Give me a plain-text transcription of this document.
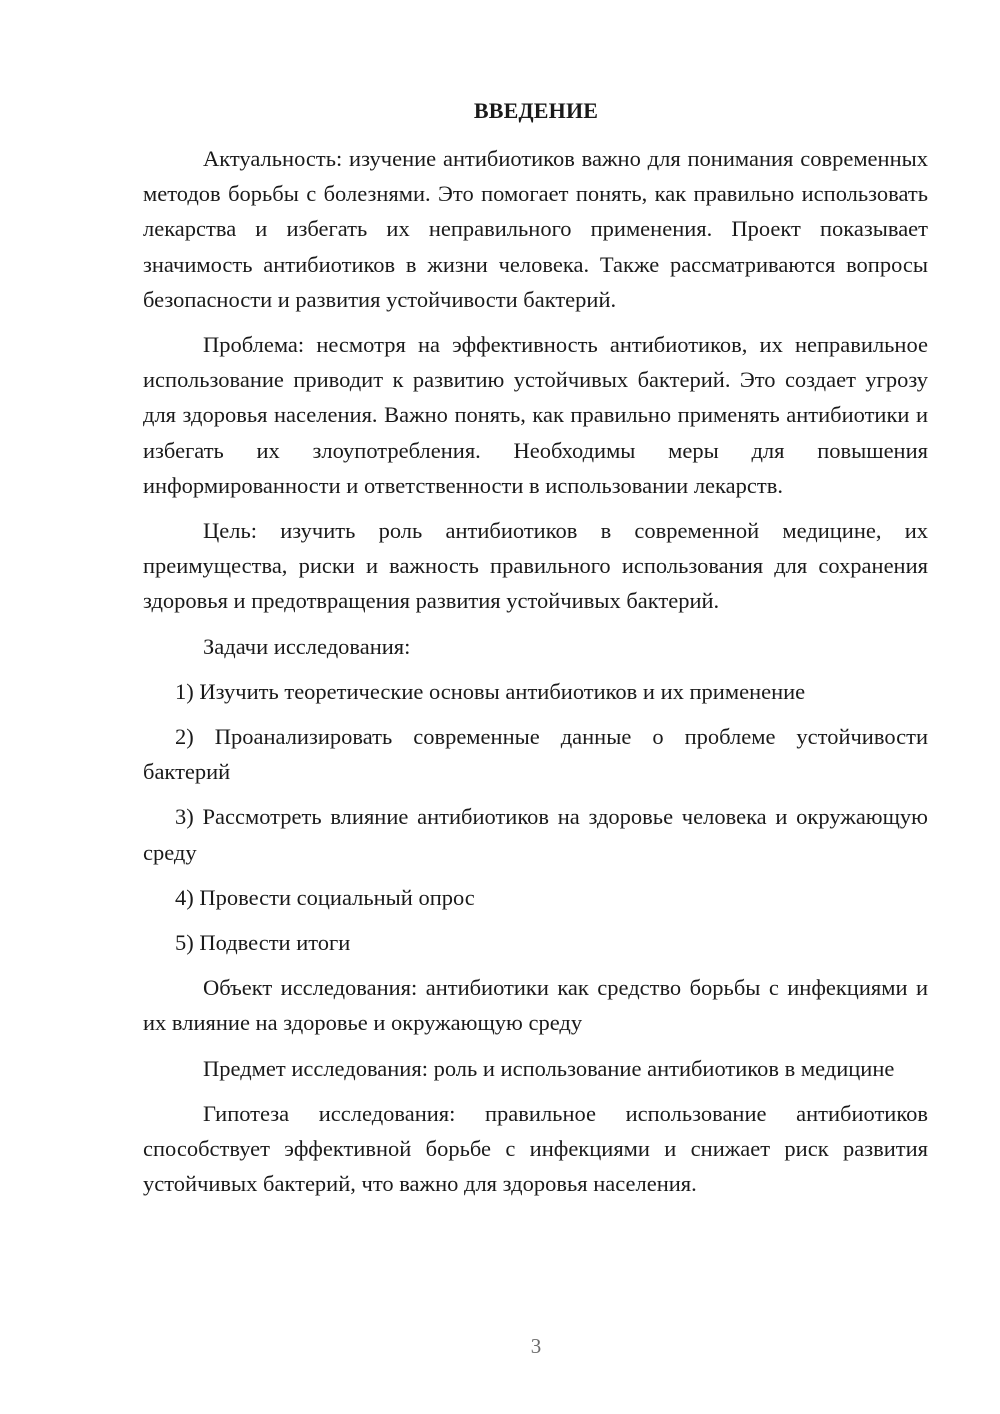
ВВЕДЕНИЕ

Актуальность: изучение антибиотиков важно для понимания современных методов борьбы с болезнями. Это помогает понять, как правильно использовать лекарства и избегать их неправильного применения. Проект показывает значимость антибиотиков в жизни человека. Также рассматриваются вопросы безопасности и развития устойчивости бактерий.

Проблема: несмотря на эффективность антибиотиков, их неправильное использование приводит к развитию устойчивых бактерий. Это создает угрозу для здоровья населения. Важно понять, как правильно применять антибиотики и избегать их злоупотребления. Необходимы меры для повышения информированности и ответственности в использовании лекарств.

Цель: изучить роль антибиотиков в современной медицине, их преимущества, риски и важность правильного использования для сохранения здоровья и предотвращения развития устойчивых бактерий.

Задачи исследования:

1) Изучить теоретические основы антибиотиков и их применение

2) Проанализировать современные данные о проблеме устойчивости бактерий

3) Рассмотреть влияние антибиотиков на здоровье человека и окружающую среду

4) Провести социальный опрос

5) Подвести итоги

Объект исследования: антибиотики как средство борьбы с инфекциями и их влияние на здоровье и окружающую среду

Предмет исследования: роль и использование антибиотиков в медицине

Гипотеза исследования: правильное использование антибиотиков способствует эффективной борьбе с инфекциями и снижает риск развития устойчивых бактерий, что важно для здоровья населения.

3
